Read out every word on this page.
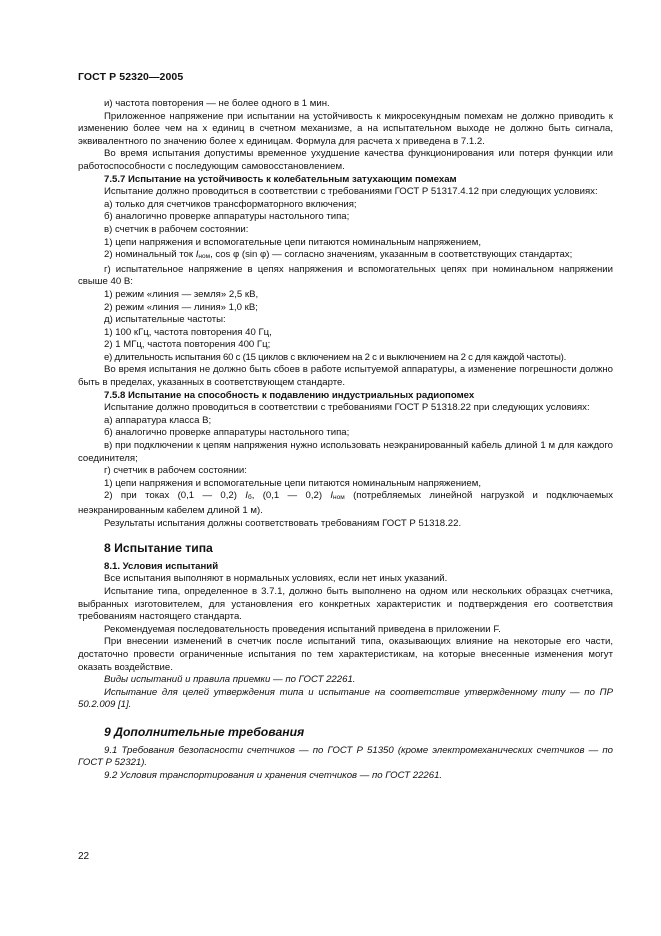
ГОСТ Р 52320—2005

и) частота повторения — не более одного в 1 мин.

Приложенное напряжение при испытании на устойчивость к микросекундным помехам не должно приводить к изменению более чем на x единиц в счетном механизме, а на испытательном выходе не должно быть сигнала, эквивалентного по значению более x единицам. Формула для расчета x приведена в 7.1.2.

Во время испытания допустимы временное ухудшение качества функционирования или потеря функции или работоспособности с последующим самовосстановлением.

7.5.7 Испытание на устойчивость к колебательным затухающим помехам

Испытание должно проводиться в соответствии с требованиями ГОСТ Р 51317.4.12 при следующих условиях:

а) только для счетчиков трансформаторного включения;

б) аналогично проверке аппаратуры настольного типа;

в) счетчик в рабочем состоянии:

1) цепи напряжения и вспомогательные цепи питаются номинальным напряжением,

2) номинальный ток $I_{ном}$, cos φ (sin φ) — согласно значениям, указанным в соответствующих стандартах;

г) испытательное напряжение в цепях напряжения и вспомогательных цепях при номинальном напряжении свыше 40 В:

1) режим «линия — земля» 2,5 кВ,

2) режим «линия — линия» 1,0 кВ;

д) испытательные частоты:

1) 100 кГц, частота повторения 40 Гц,

2) 1 МГц, частота повторения 400 Гц;

е) длительность испытания 60 с (15 циклов с включением на 2 с и выключением на 2 с для каждой частоты).

Во время испытания не должно быть сбоев в работе испытуемой аппаратуры, а изменение погрешности должно быть в пределах, указанных в соответствующем стандарте.

7.5.8 Испытание на способность к подавлению индустриальных радиопомех

Испытание должно проводиться в соответствии с требованиями ГОСТ Р 51318.22 при следующих условиях:

а) аппаратура класса В;

б) аналогично проверке аппаратуры настольного типа;

в) при подключении к цепям напряжения нужно использовать неэкранированный кабель длиной 1 м для каждого соединителя;

г) счетчик в рабочем состоянии:

1) цепи напряжения и вспомогательные цепи питаются номинальным напряжением,

2) при токах (0,1 — 0,2) $I_б$, (0,1 — 0,2) $I_{ном}$ (потребляемых линейной нагрузкой и подключаемых неэкранированным кабелем длиной 1 м).

Результаты испытания должны соответствовать требованиям ГОСТ Р 51318.22.

8 Испытание типа

8.1. Условия испытаний

Все испытания выполняют в нормальных условиях, если нет иных указаний.

Испытание типа, определенное в 3.7.1, должно быть выполнено на одном или нескольких образцах счетчика, выбранных изготовителем, для установления его конкретных характеристик и подтверждения его соответствия требованиям настоящего стандарта.

Рекомендуемая последовательность проведения испытаний приведена в приложении F.

При внесении изменений в счетчик после испытаний типа, оказывающих влияние на некоторые его части, достаточно провести ограниченные испытания по тем характеристикам, на которые внесенные изменения могут оказать воздействие.

Виды испытаний и правила приемки — по ГОСТ 22261.

Испытание для целей утверждения типа и испытание на соответствие утвержденному типу — по ПР 50.2.009 [1].

9 Дополнительные требования

9.1 Требования безопасности счетчиков — по ГОСТ Р 51350 (кроме электромеханических счетчиков — по ГОСТ Р 52321).

9.2 Условия транспортирования и хранения счетчиков — по ГОСТ 22261.

22
